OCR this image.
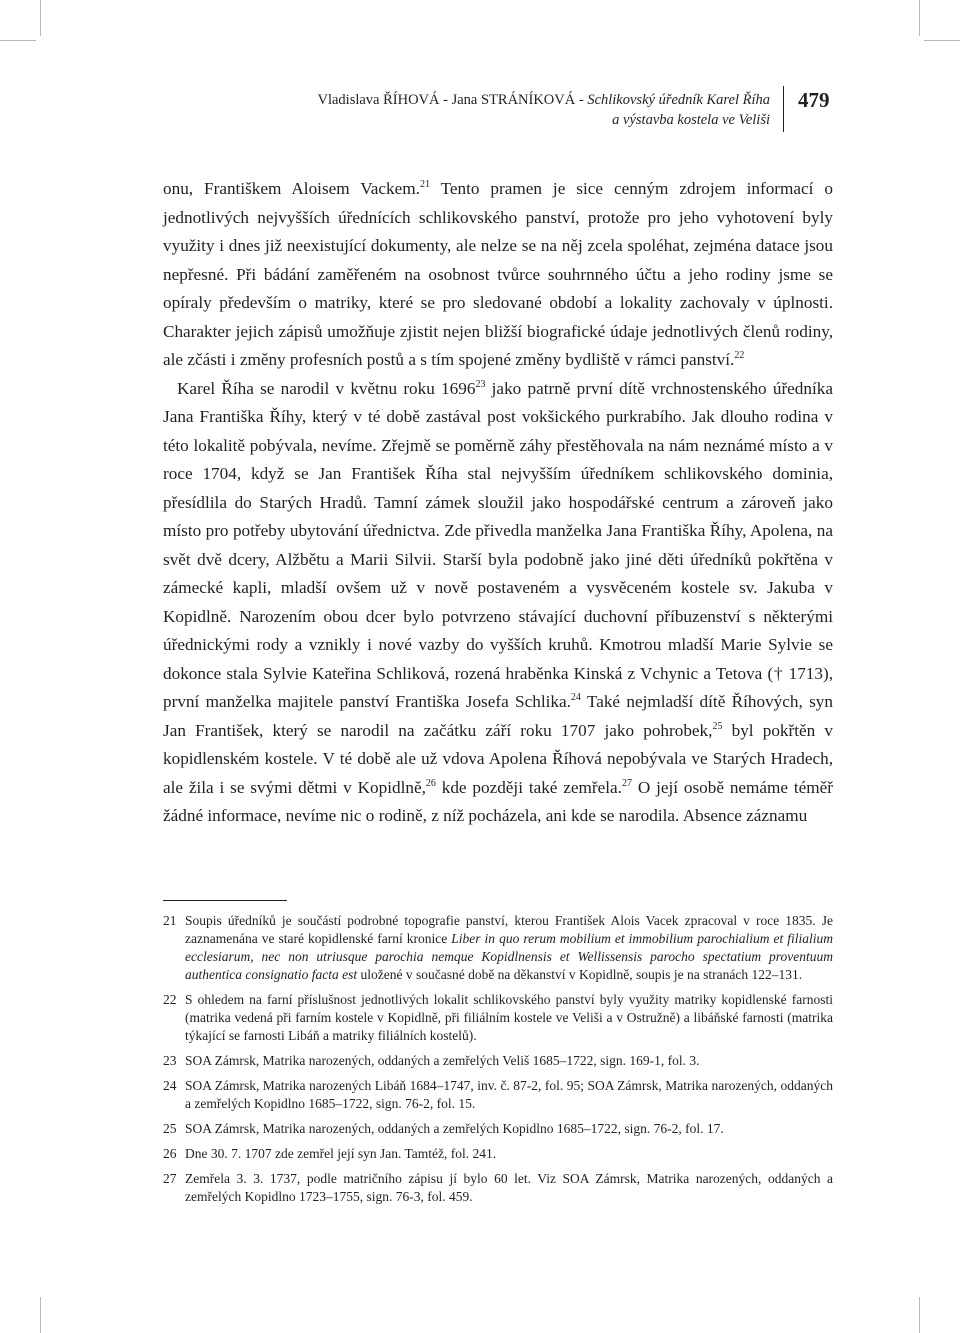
Vladislava ŘÍHOVÁ - Jana STRÁNÍKOVÁ - Schlikovský úředník Karel Říha
a výstavba kostela ve Veliši
479

onu, Františkem Aloisem Vackem.$^{21}$ Tento pramen je sice cenným zdrojem informací o jednotlivých nejvyšších úřednících schlikovského panství, protože pro jeho vyhotovení byly využity i dnes již neexistující dokumenty, ale nelze se na něj zcela spoléhat, zejména datace jsou nepřesné. Při bádání zaměřeném na osobnost tvůrce souhrnného účtu a jeho rodiny jsme se opíraly především o matriky, které se pro sledované období a lokality zachovaly v úplnosti. Charakter jejich zápisů umožňuje zjistit nejen bližší biografické údaje jednotlivých členů rodiny, ale zčásti i změny profesních postů a s tím spojené změny bydliště v rámci panství.$^{22}$

Karel Říha se narodil v květnu roku 1696$^{23}$ jako patrně první dítě vrchnostenského úředníka Jana Františka Říhy, který v té době zastával post vokšického purkrabího. Jak dlouho rodina v této lokalitě pobývala, nevíme. Zřejmě se poměrně záhy přestěhovala na nám neznámé místo a v roce 1704, když se Jan František Říha stal nejvyšším úředníkem schlikovského dominia, přesídlila do Starých Hradů. Tamní zámek sloužil jako hospodářské centrum a zároveň jako místo pro potřeby ubytování úřednictva. Zde přivedla manželka Jana Františka Říhy, Apolena, na svět dvě dcery, Alžbětu a Marii Silvii. Starší byla podobně jako jiné děti úředníků pokřtěna v zámecké kapli, mladší ovšem už v nově postaveném a vysvěceném kostele sv. Jakuba v Kopidlně. Narozením obou dcer bylo potvrzeno stávající duchovní příbuzenství s některými úřednickými rody a vznikly i nové vazby do vyšších kruhů. Kmotrou mladší Marie Sylvie se dokonce stala Sylvie Kateřina Schliková, rozená hraběnka Kinská z Vchynic a Tetova († 1713), první manželka majitele panství Františka Josefa Schlika.$^{24}$ Také nejmladší dítě Říhových, syn Jan František, který se narodil na začátku září roku 1707 jako pohrobek,$^{25}$ byl pokřtěn v kopidlenském kostele. V té době ale už vdova Apolena Říhová nepobývala ve Starých Hradech, ale žila i se svými dětmi v Kopidlně,$^{26}$ kde později také zemřela.$^{27}$ O její osobě nemáme téměř žádné informace, nevíme nic o rodině, z níž pocházela, ani kde se narodila. Absence záznamu

21 Soupis úředníků je součástí podrobné topografie panství, kterou František Alois Vacek zpracoval v roce 1835. Je zaznamenána ve staré kopidlenské farní kronice Liber in quo rerum mobilium et immobilium parochialium et filialium ecclesiarum, nec non utriusque parochia nemque Kopidlnensis et Wellissensis parocho spectatium proventuum authentica consignatio facta est uložené v současné době na děkanství v Kopidlně, soupis je na stranách 122–131.
22 S ohledem na farní příslušnost jednotlivých lokalit schlikovského panství byly využity matriky kopidlenské farnosti (matrika vedená při farním kostele v Kopidlně, při filiálním kostele ve Veliši a v Ostružně) a libáňské farnosti (matrika týkající se farnosti Libáň a matriky filiálních kostelů).
23 SOA Zámrsk, Matrika narozených, oddaných a zemřelých Veliš 1685–1722, sign. 169-1, fol. 3.
24 SOA Zámrsk, Matrika narozených Libáň 1684–1747, inv. č. 87-2, fol. 95; SOA Zámrsk, Matrika narozených, oddaných a zemřelých Kopidlno 1685–1722, sign. 76-2, fol. 15.
25 SOA Zámrsk, Matrika narozených, oddaných a zemřelých Kopidlno 1685–1722, sign. 76-2, fol. 17.
26 Dne 30. 7. 1707 zde zemřel její syn Jan. Tamtéž, fol. 241.
27 Zemřela 3. 3. 1737, podle matričního zápisu jí bylo 60 let. Viz SOA Zámrsk, Matrika narozených, oddaných a zemřelých Kopidlno 1723–1755, sign. 76-3, fol. 459.
